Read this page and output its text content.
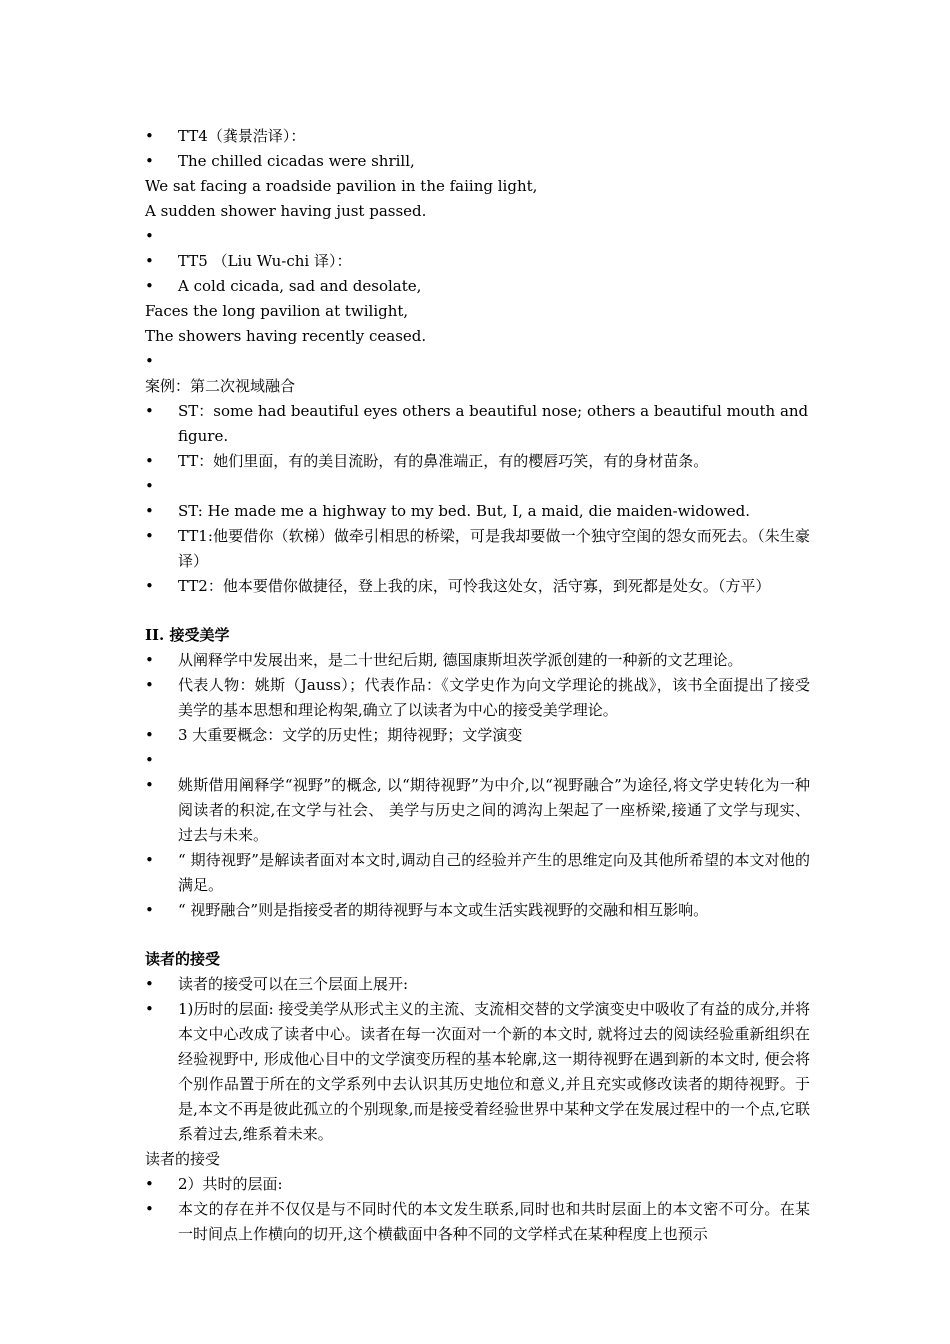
• TT4（龚景浩译）：
• The chilled cicadas were shrill,
We sat facing a roadside pavilion in the faiing light,
A sudden shower having just passed.
•
• TT5 （Liu Wu-chi 译）：
• A cold cicada, sad and desolate,
Faces the long pavilion at twilight,
The showers having recently ceased.
•
案例：第二次视域融合
• ST：some had beautiful eyes others a beautiful nose; others a beautiful mouth and figure.
• TT：她们里面，有的美目流盼，有的鼻准端正，有的樱唇巧笑，有的身材苗条。
•
• ST: He made me a highway to my bed. But, I, a maid, die maiden-widowed.
• TT1:他要借你（软梯）做牵引相思的桥梁，可是我却要做一个独守空闺的怨女而死去。（朱生豪译）
• TT2：他本要借你做捷径，登上我的床，可怜我这处女，活守寡，到死都是处女。（方平）
II. 接受美学
• 从阐释学中发展出来，是二十世纪后期, 德国康斯坦茨学派创建的一种新的文艺理论。
• 代表人物：姚斯（Jauss）；代表作品：《文学史作为向文学理论的挑战》，该书全面提出了接受美学的基本思想和理论构架,确立了以读者为中心的接受美学理论。
• 3 大重要概念：文学的历史性；期待视野；文学演变
•
• 姚斯借用阐释学“视野”的概念, 以“期待视野”为中介,以“视野融合”为途径,将文学史转化为一种阅读者的积淀,在文学与社会、 美学与历史之间的鸿沟上架起了一座桥梁,接通了文学与现实、 过去与未来。
• “ 期待视野”是解读者面对本文时,调动自己的经验并产生的思维定向及其他所希望的本文对他的满足。
• “ 视野融合”则是指接受者的期待视野与本文或生活实践视野的交融和相互影响。
读者的接受
• 读者的接受可以在三个层面上展开:
• 1)历时的层面: 接受美学从形式主义的主流、支流相交替的文学演变史中吸收了有益的成分,并将本文中心改成了读者中心。读者在每一次面对一个新的本文时, 就将过去的阅读经验重新组织在经验视野中, 形成他心目中的文学演变历程的基本轮廓,这一期待视野在遇到新的本文时, 便会将个别作品置于所在的文学系列中去认识其历史地位和意义,并且充实或修改读者的期待视野。于是,本文不再是彼此孤立的个别现象,而是接受着经验世界中某种文学在发展过程中的一个点,它联系着过去,维系着未来。
读者的接受
• 2）共时的层面:
• 本文的存在并不仅仅是与不同时代的本文发生联系,同时也和共时层面上的本文密不可分。在某一时间点上作横向的切开,这个横截面中各种不同的文学样式在某种程度上也预示
